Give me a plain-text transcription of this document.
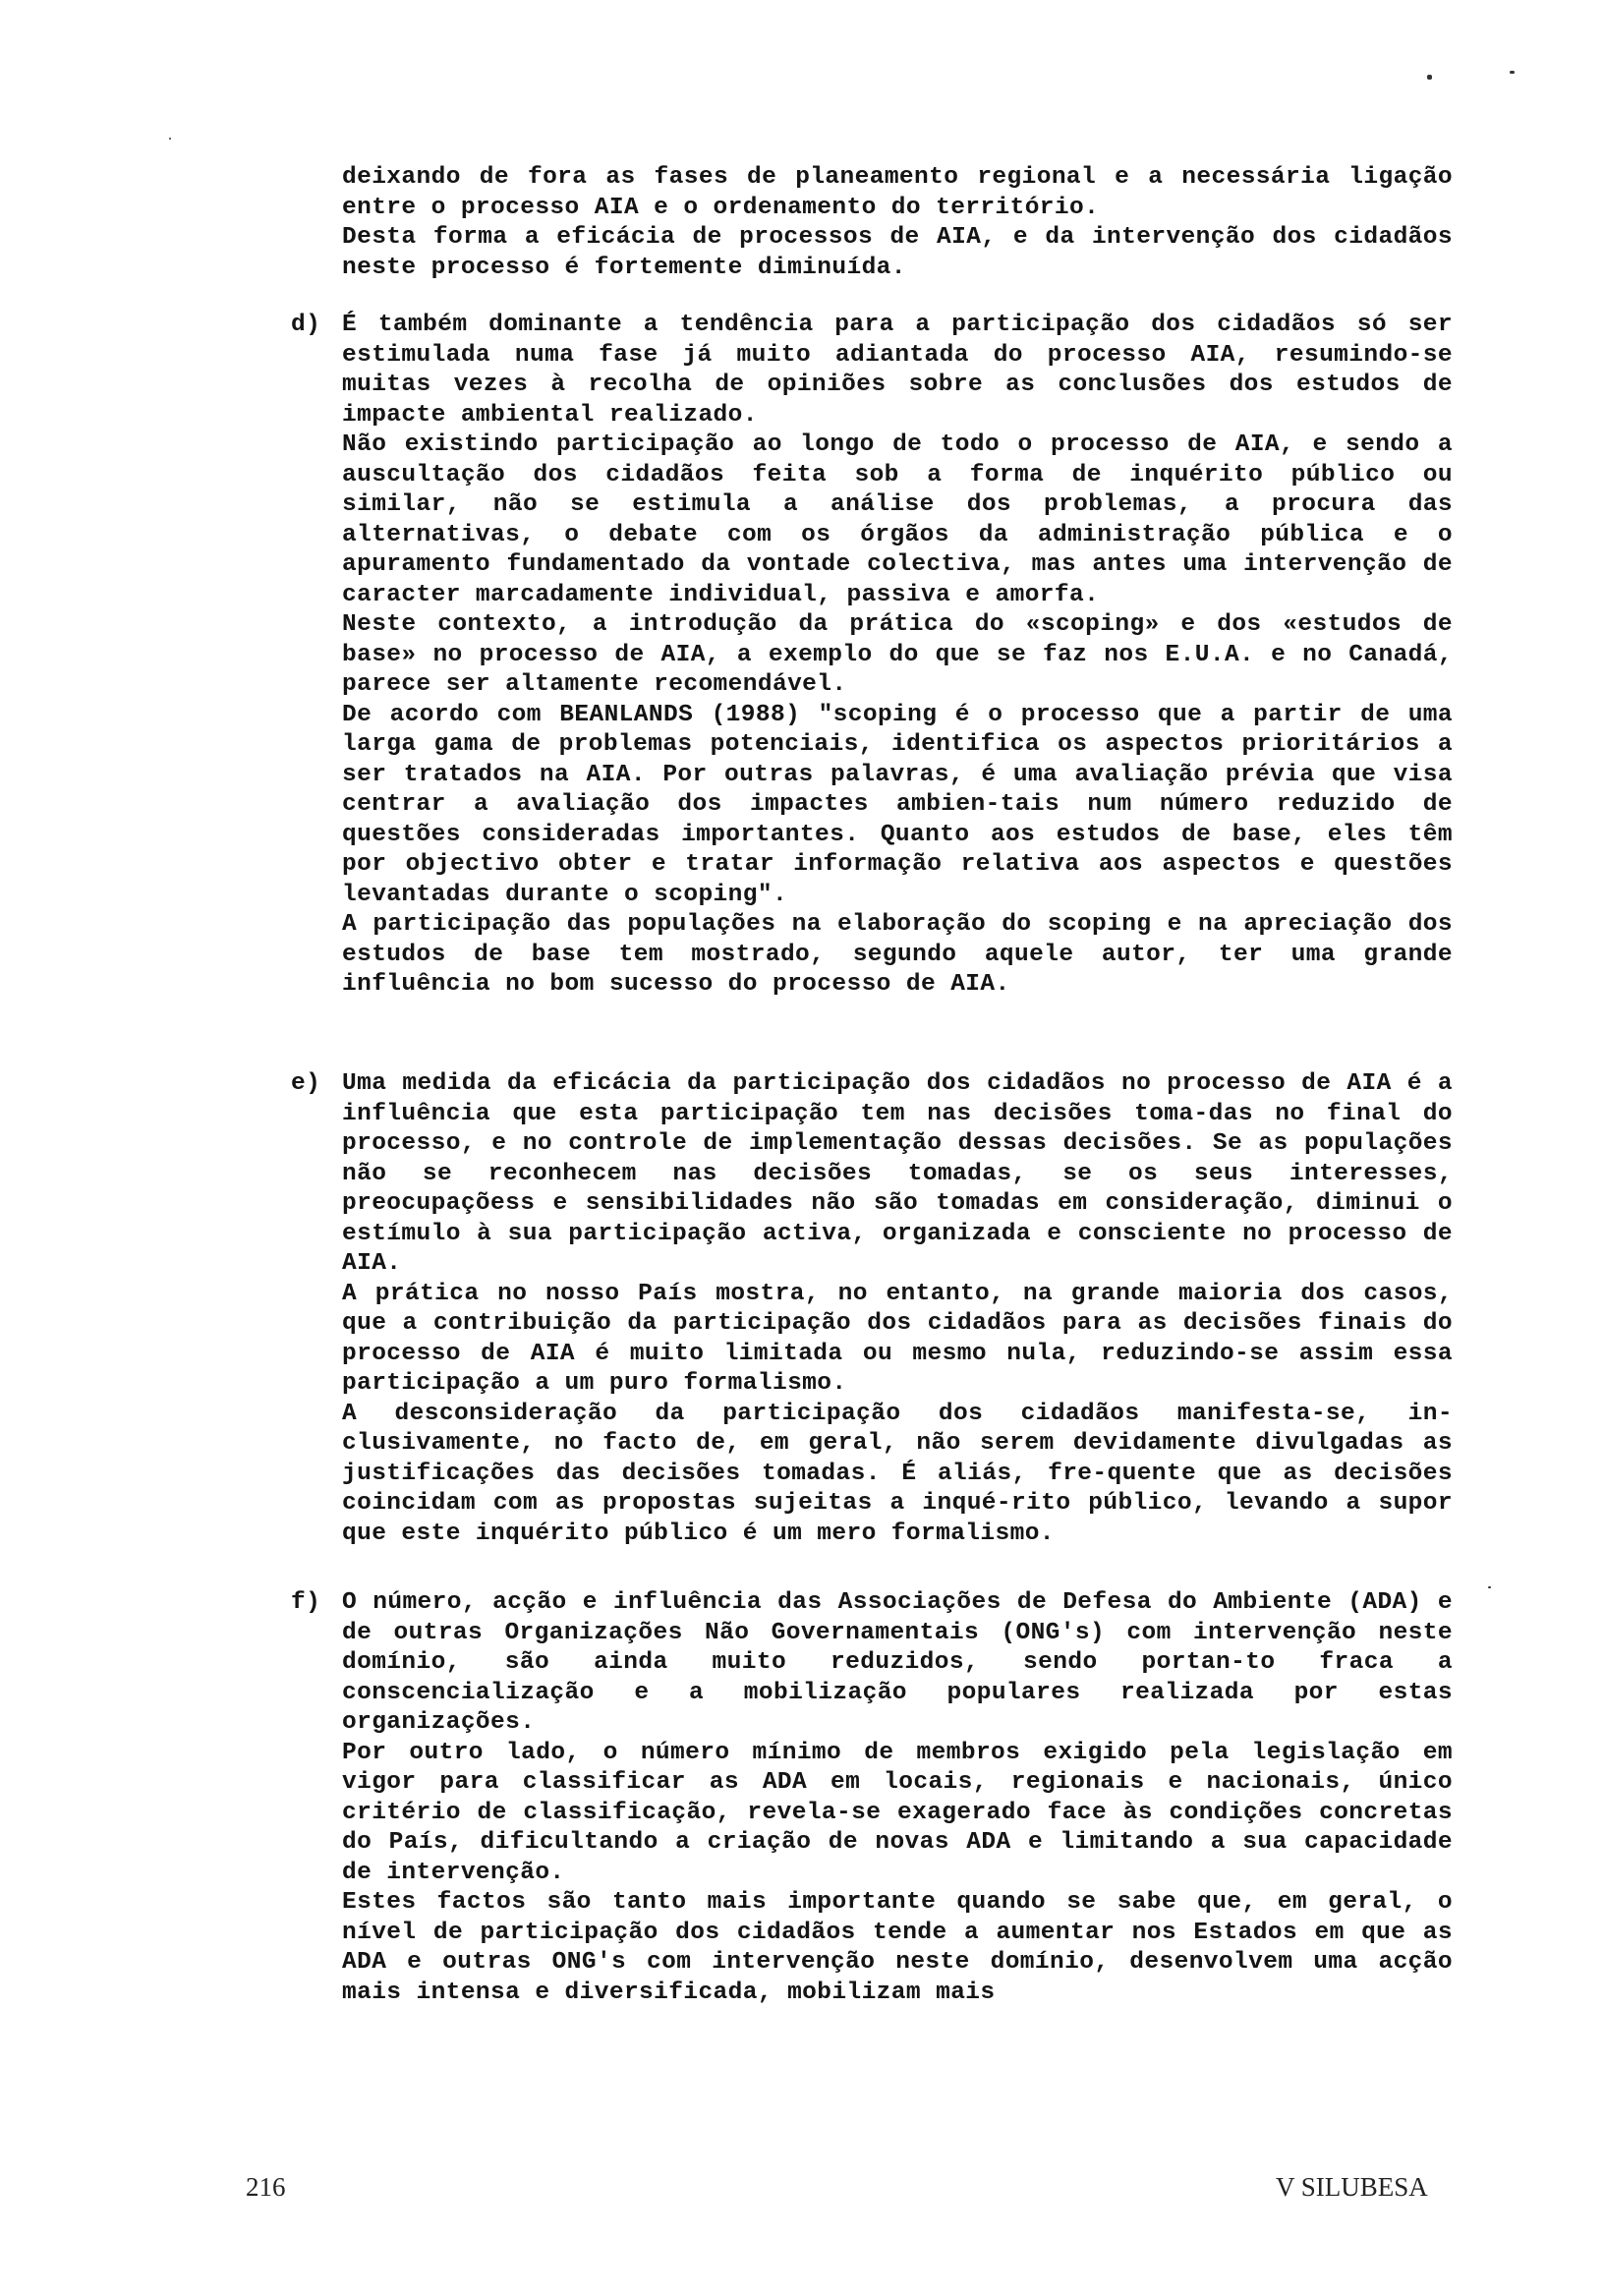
deixando de fora as fases de planeamento regional e a necessária ligação entre o processo AIA e o ordenamento do território.

Desta forma a eficácia de processos de AIA, e da intervenção dos cidadãos neste processo é fortemente diminuída.

d) É também dominante a tendência para a participação dos cidadãos só ser estimulada numa fase já muito adiantada do processo AIA, resumindo-se muitas vezes à recolha de opiniões sobre as conclusões dos estudos de impacte ambiental realizado.

Não existindo participação ao longo de todo o processo de AIA, e sendo a auscultação dos cidadãos feita sob a forma de inquérito público ou similar, não se estimula a análise dos problemas, a procura das alternativas, o debate com os órgãos da administração pública e o apuramento fundamentado da vontade colectiva, mas antes uma intervenção de caracter marcadamente individual, passiva e amorfa.

Neste contexto, a introdução da prática do «scoping» e dos «estudos de base» no processo de AIA, a exemplo do que se faz nos E.U.A. e no Canadá, parece ser altamente recomendável.

De acordo com BEANLANDS (1988) "scoping é o processo que a partir de uma larga gama de problemas potenciais, identifica os aspectos prioritários a ser tratados na AIA. Por outras palavras, é uma avaliação prévia que visa centrar a avaliação dos impactes ambien-tais num número reduzido de questões consideradas importantes. Quanto aos estudos de base, eles têm por objectivo obter e tratar informação relativa aos aspectos e questões levantadas durante o scoping".

A participação das populações na elaboração do scoping e na apreciação dos estudos de base tem mostrado, segundo aquele autor, ter uma grande influência no bom sucesso do processo de AIA.

e) Uma medida da eficácia da participação dos cidadãos no processo de AIA é a influência que esta participação tem nas decisões toma-das no final do processo, e no controle de implementação dessas decisões. Se as populações não se reconhecem nas decisões tomadas, se os seus interesses, preocupaçõess e sensibilidades não são tomadas em consideração, diminui o estímulo à sua participação activa, organizada e consciente no processo de AIA.

A prática no nosso País mostra, no entanto, na grande maioria dos casos, que a contribuição da participação dos cidadãos para as decisões finais do processo de AIA é muito limitada ou mesmo nula, reduzindo-se assim essa participação a um puro formalismo.

A desconsideração da participação dos cidadãos manifesta-se, in-clusivamente, no facto de, em geral, não serem devidamente divulgadas as justificações das decisões tomadas. É aliás, fre-quente que as decisões coincidam com as propostas sujeitas a inqué-rito público, levando a supor que este inquérito público é um mero formalismo.

f) O número, acção e influência das Associações de Defesa do Ambiente (ADA) e de outras Organizações Não Governamentais (ONG's) com intervenção neste domínio, são ainda muito reduzidos, sendo portan-to fraca a conscencialização e a mobilização populares realizada por estas organizações.

Por outro lado, o número mínimo de membros exigido pela legislação em vigor para classificar as ADA em locais, regionais e nacionais, único critério de classificação, revela-se exagerado face às condições concretas do País, dificultando a criação de novas ADA e limitando a sua capacidade de intervenção.

Estes factos são tanto mais importante quando se sabe que, em geral, o nível de participação dos cidadãos tende a aumentar nos Estados em que as ADA e outras ONG's com intervenção neste domínio, desenvolvem uma acção mais intensa e diversificada, mobilizam mais

216	V SILUBESA
